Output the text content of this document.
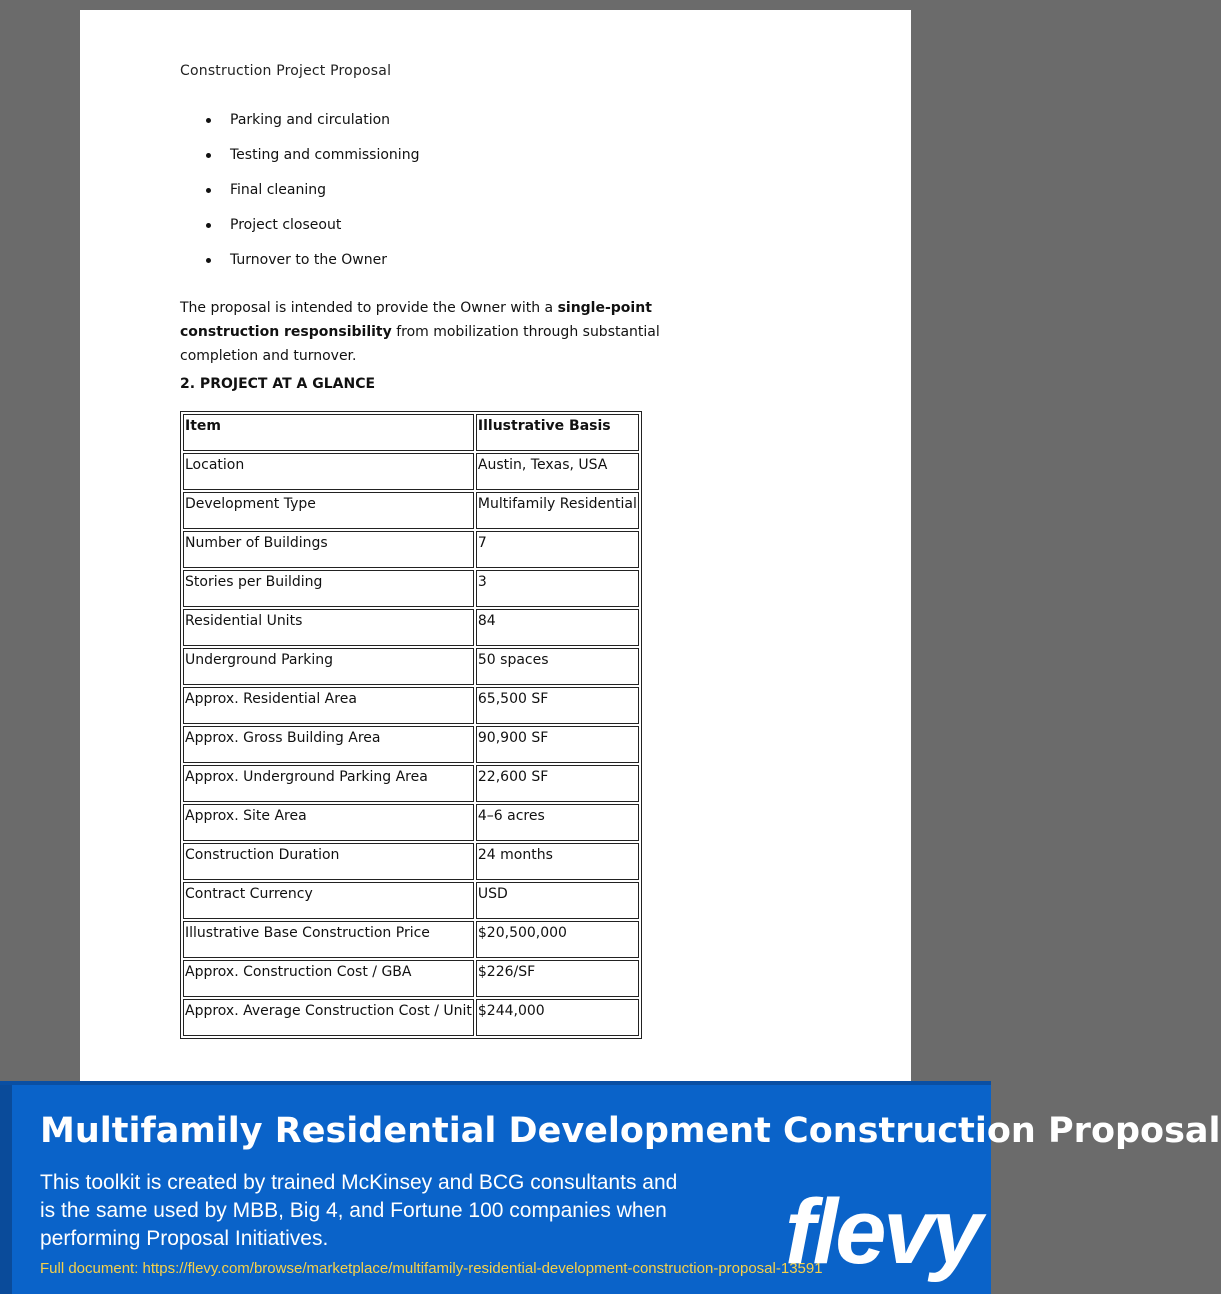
Construction Project Proposal
Parking and circulation
Testing and commissioning
Final cleaning
Project closeout
Turnover to the Owner

The proposal is intended to provide the Owner with a single-point construction responsibility from mobilization through substantial completion and turnover.

2. PROJECT AT A GLANCE
Item	Illustrative Basis
Location	Austin, Texas, USA
Development Type	Multifamily Residential
Number of Buildings	7
Stories per Building	3
Residential Units	84
Underground Parking	50 spaces
Approx. Residential Area	65,500 SF
Approx. Gross Building Area	90,900 SF
Approx. Underground Parking Area	22,600 SF
Approx. Site Area	4–6 acres
Construction Duration	24 months
Contract Currency	USD
Illustrative Base Construction Price	$20,500,000
Approx. Construction Cost / GBA	$226/SF
Approx. Average Construction Cost / Unit	$244,000
Multifamily Residential Development Construction Proposal
This toolkit is created by trained McKinsey and BCG consultants and is the same used by MBB, Big 4, and Fortune 100 companies when performing Proposal Initiatives.
Full document: https://flevy.com/browse/marketplace/multifamily-residential-development-construction-proposal-13591
flevy
